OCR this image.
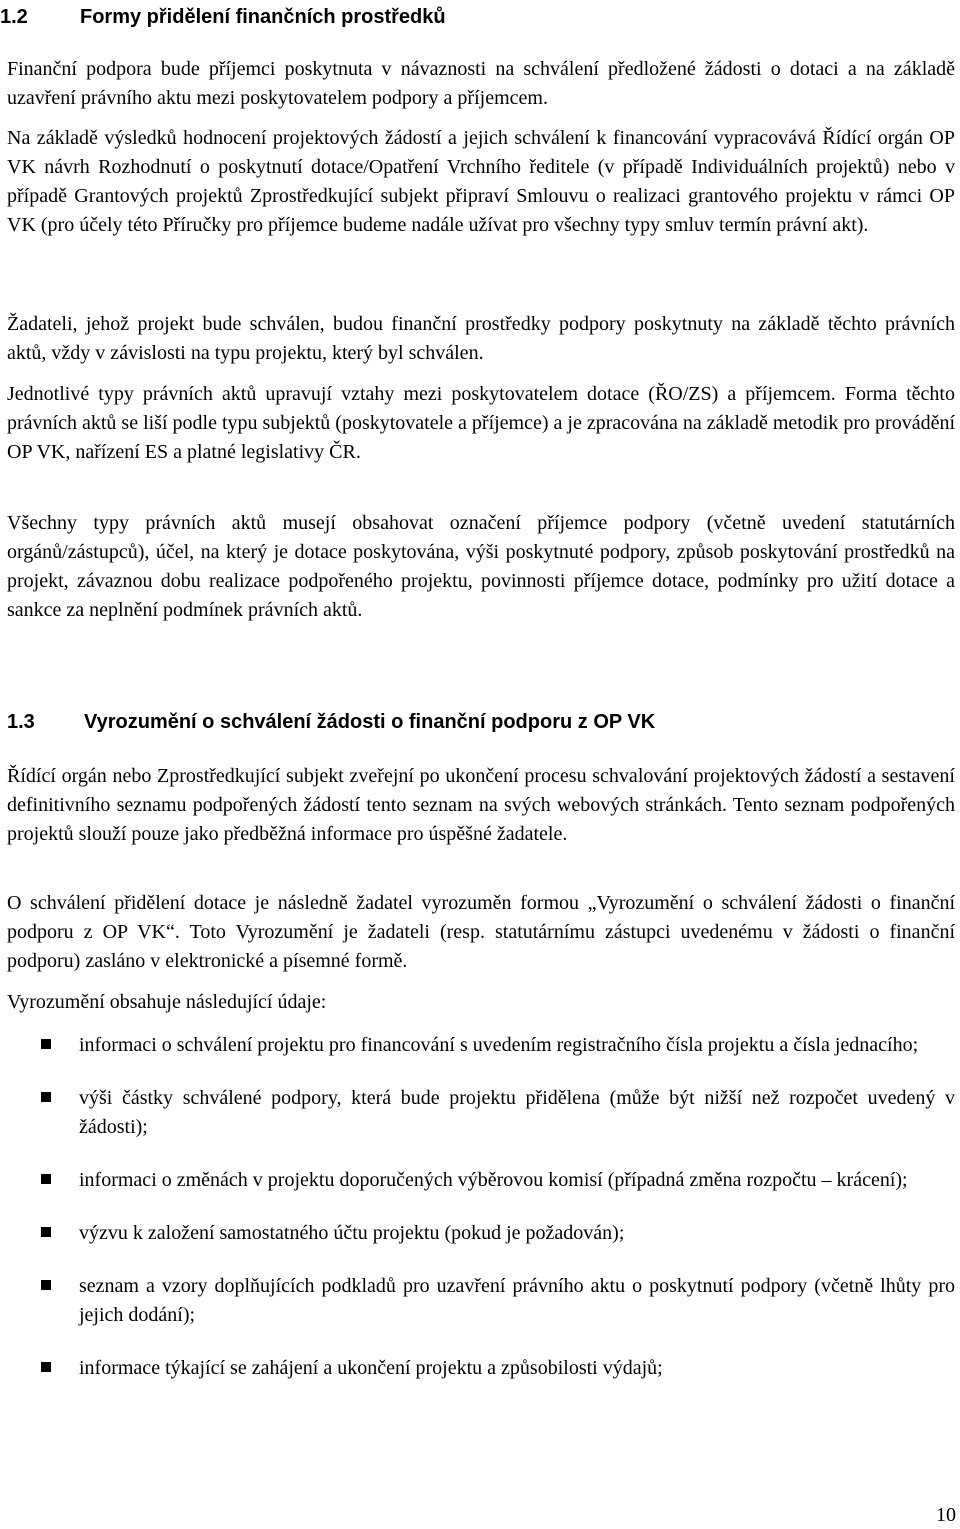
1.2	Formy přidělení finančních prostředků

Finanční podpora bude příjemci poskytnuta v návaznosti na schválení předložené žádosti o dotaci a na základě uzavření právního aktu mezi poskytovatelem podpory a příjemcem.

Na základě výsledků hodnocení projektových žádostí a jejich schválení k financování vypracovává Řídící orgán OP VK návrh Rozhodnutí o poskytnutí dotace/Opatření Vrchního ředitele (v případě Individuálních projektů) nebo v případě Grantových projektů Zprostředkující subjekt připraví Smlouvu o realizaci grantového projektu v rámci OP VK (pro účely této Příručky pro příjemce budeme nadále užívat pro všechny typy smluv termín právní akt).

Žadateli, jehož projekt bude schválen, budou finanční prostředky podpory poskytnuty na základě těchto právních aktů, vždy v závislosti na typu projektu, který byl schválen.

Jednotlivé typy právních aktů upravují vztahy mezi poskytovatelem dotace (ŘO/ZS) a příjemcem. Forma těchto právních aktů se liší podle typu subjektů (poskytovatele a příjemce) a je zpracována na základě metodik pro provádění OP VK, nařízení ES a platné legislativy ČR.

Všechny typy právních aktů musejí obsahovat označení příjemce podpory (včetně uvedení statutárních orgánů/zástupců), účel, na který je dotace poskytována, výši poskytnuté podpory, způsob poskytování prostředků na projekt, závaznou dobu realizace podpořeného projektu, povinnosti příjemce dotace, podmínky pro užití dotace a sankce za neplnění podmínek právních aktů.

1.3 Vyrozumění o schválení žádosti o finanční podporu z OP VK

Řídící orgán nebo Zprostředkující subjekt zveřejní po ukončení procesu schvalování projektových žádostí a sestavení definitivního seznamu podpořených žádostí tento seznam na svých webových stránkách. Tento seznam podpořených projektů slouží pouze jako předběžná informace pro úspěšné žadatele.

O schválení přidělení dotace je následně žadatel vyrozuměn formou „Vyrozumění o schválení žádosti o finanční podporu z OP VK“. Toto Vyrozumění je žadateli (resp. statutárnímu zástupci uvedenému v žádosti o finanční podporu) zasláno v elektronické a písemné formě.

Vyrozumění obsahuje následující údaje:

informaci o schválení projektu pro financování s uvedením registračního čísla projektu a čísla jednacího;
výši částky schválené podpory, která bude projektu přidělena (může být nižší než rozpočet uvedený v žádosti);
informaci o změnách v projektu doporučených výběrovou komisí (případná změna rozpočtu – krácení);
výzvu k založení samostatného účtu projektu (pokud je požadován);
seznam a vzory doplňujících podkladů pro uzavření právního aktu o poskytnutí podpory (včetně lhůty pro jejich dodání);
informace týkající se zahájení a ukončení projektu a způsobilosti výdajů;
10
